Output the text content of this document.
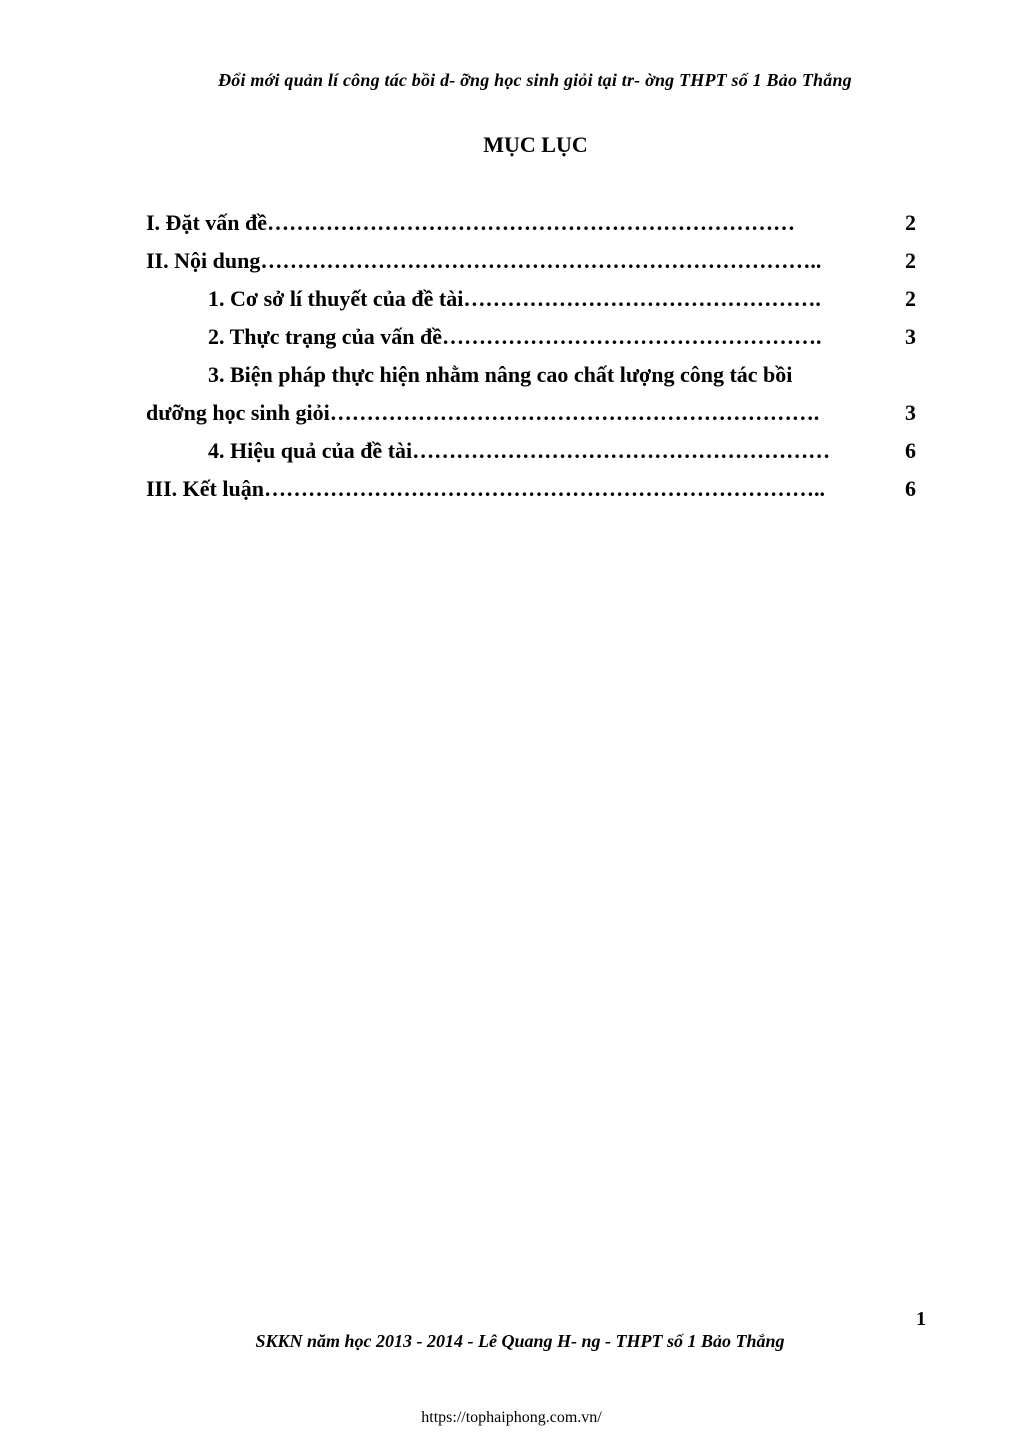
Đổi mới quản lí công tác bồi d- ỡng học sinh giỏi tại tr- ờng THPT số 1 Bảo Thắng
MỤC LỤC
I. Đặt vấn đề………………………………………………………………	2
II. Nội dung…………………………………………………………………..	2
1. Cơ sở lí thuyết của đề tài………………………………………….	2
2. Thực trạng của vấn đề…………………………………………….	3
3. Biện pháp thực hiện nhằm nâng cao chất lượng công tác bồi
dưỡng học sinh giỏi………………………………………………………….	3
4. Hiệu quả của đề tài…………………………………………………	6
III. Kết luận…………………………………………………………………..	6
1
SKKN năm học 2013 - 2014 - Lê Quang H- ng - THPT số 1 Bảo Thắng
https://tophaiphong.com.vn/
